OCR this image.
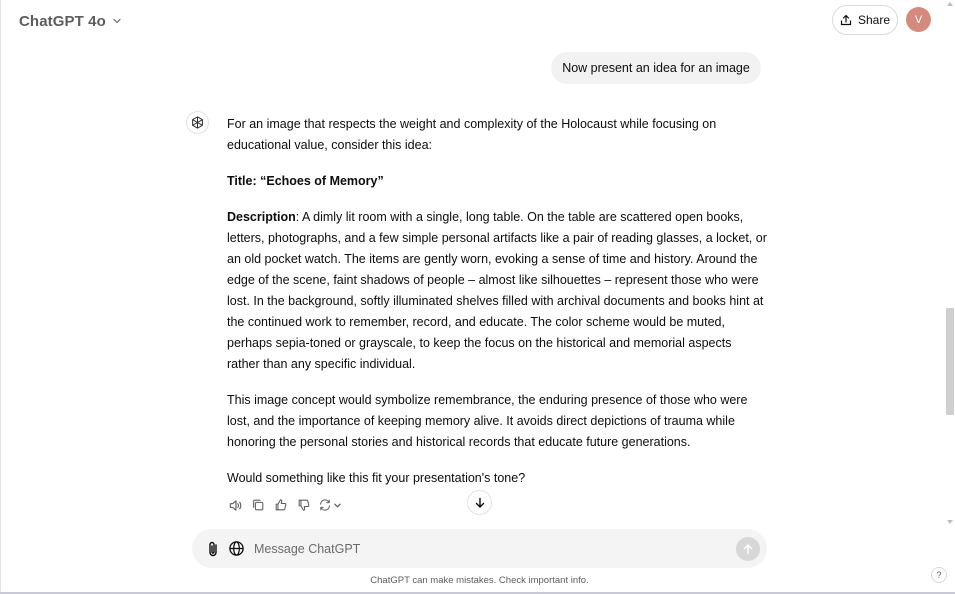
ChatGPT 4o	Share	V
Now present an idea for an image

For an image that respects the weight and complexity of the Holocaust while focusing on educational value, consider this idea:

Title: “Echoes of Memory”

Description: A dimly lit room with a single, long table. On the table are scattered open books, letters, photographs, and a few simple personal artifacts like a pair of reading glasses, a locket, or an old pocket watch. The items are gently worn, evoking a sense of time and history. Around the edge of the scene, faint shadows of people – almost like silhouettes – represent those who were lost. In the background, softly illuminated shelves filled with archival documents and books hint at the continued work to remember, record, and educate. The color scheme would be muted, perhaps sepia-toned or grayscale, to keep the focus on the historical and memorial aspects rather than any specific individual.

This image concept would symbolize remembrance, the enduring presence of those who were lost, and the importance of keeping memory alive. It avoids direct depictions of trauma while honoring the personal stories and historical records that educate future generations.

Would something like this fit your presentation's tone?

Message ChatGPT
ChatGPT can make mistakes. Check important info.	?
